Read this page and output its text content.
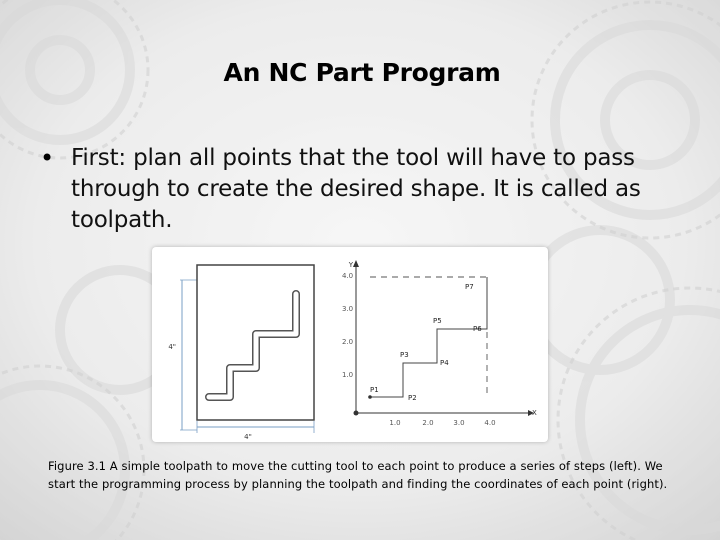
An NC Part Program
• First: plan all points that the tool will have to pass through to create the desired shape. It is called as toolpath.
4"
4"
Y
X
1.0
2.0
3.0
4.0
1.0	2.0	3.0	4.0
P1
P2
P3
P4
P5
P6
P7
Figure 3.1 A simple toolpath to move the cutting tool to each point to produce a series of steps (left). We start the programming process by planning the toolpath and finding the coordinates of each point (right).
